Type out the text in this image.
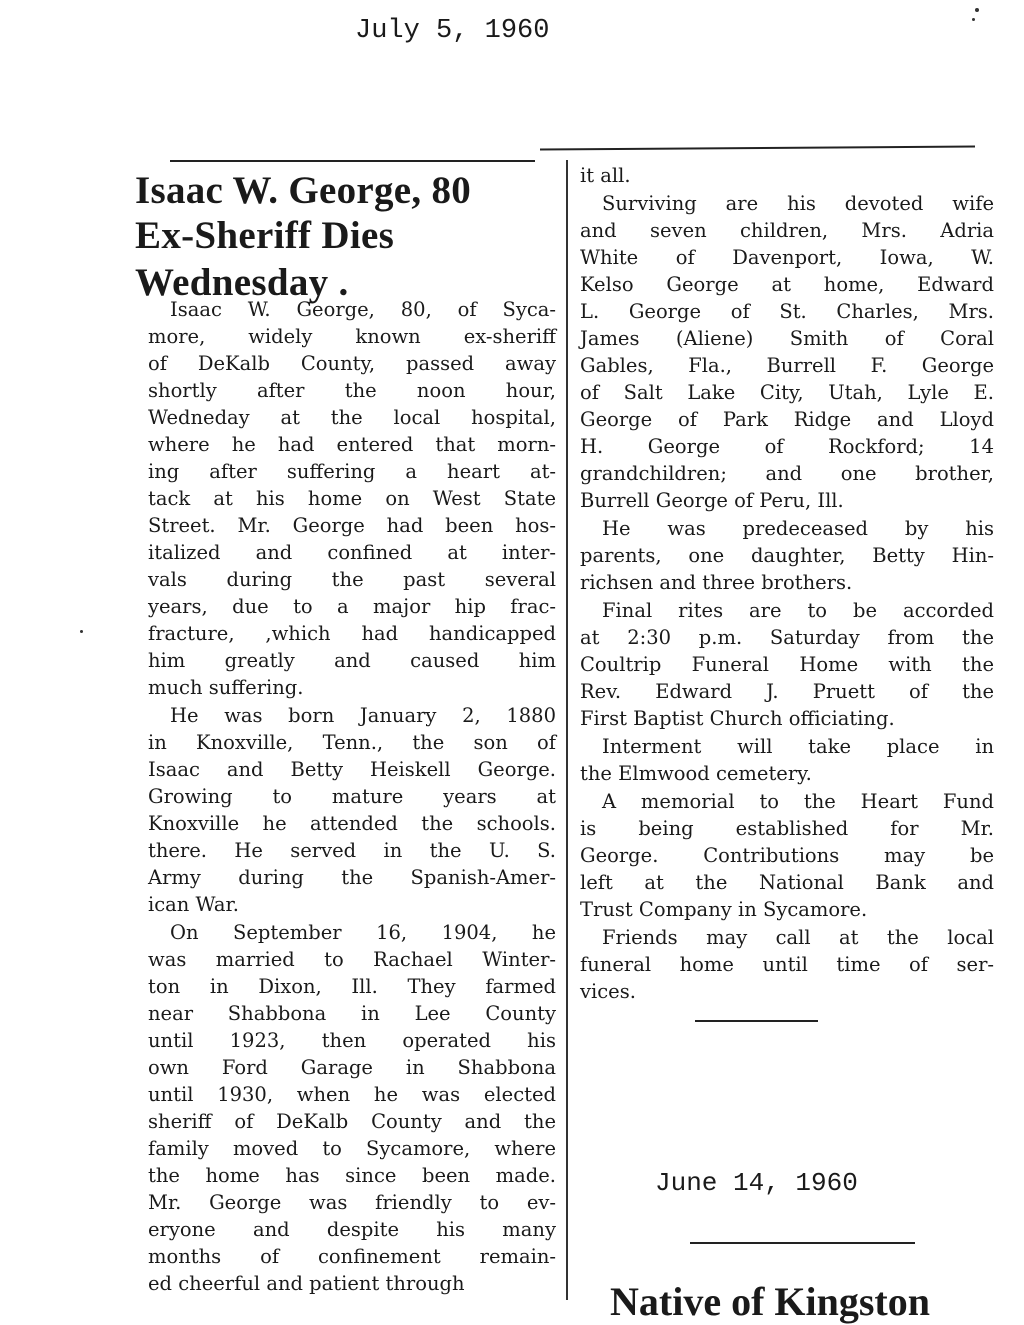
July 5, 1960
Isaac W. George, 80
Ex-Sheriff Dies
Wednesday .
Isaac W. George, 80, of Syca-
more, widely known ex-sheriff
of DeKalb County, passed away
shortly after the noon hour,
Wedneday at the local hospital,
where he had entered that morn-
ing after suffering a heart at-
tack at his home on West State
Street. Mr. George had been hos-
italized and confined at inter-
vals during the past several
years, due to a major hip frac-
fracture, ,which had handicapped
him greatly and caused him
much suffering.
He was born January 2, 1880
in Knoxville, Tenn., the son of
Isaac and Betty Heiskell George.
Growing to mature years at
Knoxville he attended the schools.
there. He served in the U. S.
Army during the Spanish-Amer-
ican War.
On September 16, 1904, he
was married to Rachael Winter-
ton in Dixon, Ill. They farmed
near Shabbona in Lee County
until 1923, then operated his
own Ford Garage in Shabbona
until 1930, when he was elected
sheriff of DeKalb County and the
family moved to Sycamore, where
the home has since been made.
Mr. George was friendly to ev-
eryone and despite his many
months of confinement remain-
ed cheerful and patient through
it all.
Surviving are his devoted wife
and seven children, Mrs. Adria
White of Davenport, Iowa, W.
Kelso George at home, Edward
L. George of St. Charles, Mrs.
James (Aliene) Smith of Coral
Gables, Fla., Burrell F. George
of Salt Lake City, Utah, Lyle E.
George of Park Ridge and Lloyd
H. George of Rockford; 14
grandchildren; and one brother,
Burrell George of Peru, Ill.
He was predeceased by his
parents, one daughter, Betty Hin-
richsen and three brothers.
Final rites are to be accorded
at 2:30 p.m. Saturday from the
Coultrip Funeral Home with the
Rev. Edward J. Pruett of the
First Baptist Church officiating.
Interment will take place in
the Elmwood cemetery.
A memorial to the Heart Fund
is being established for Mr.
George. Contributions may be
left at the National Bank and
Trust Company in Sycamore.
Friends may call at the local
funeral home until time of ser-
vices.
June 14, 1960
Native of Kingston
